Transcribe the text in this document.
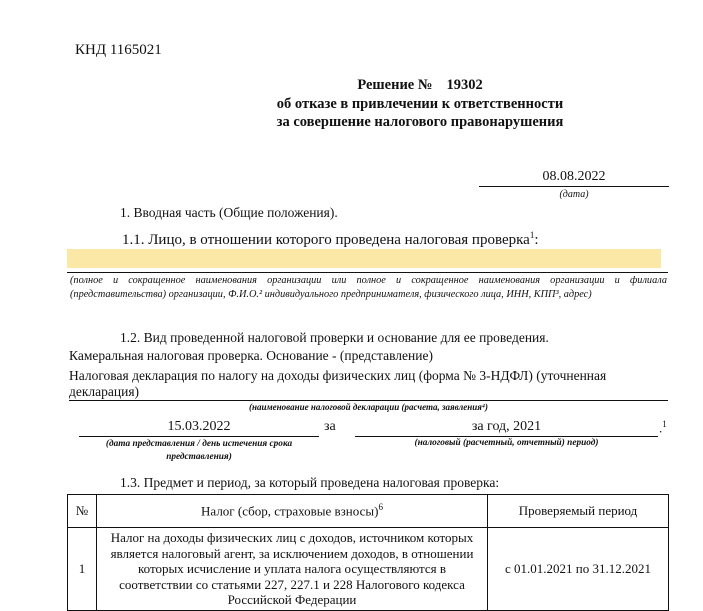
КНД 1165021
Решение № 19302
об отказе в привлечении к ответственности
за совершение налогового правонарушения
08.08.2022
(дата)
1. Вводная часть (Общие положения).
1.1. Лицо, в отношении которого проведена налоговая проверка$^1$:
(полное и сокращенное наименования организации или полное и сокращенное наименования организации и филиала (представительства) организации, Ф.И.О.² индивидуального предпринимателя, физического лица, ИНН, КПП³, адрес)
1.2. Вид проведенной налоговой проверки и основание для ее проведения.
Камеральная налоговая проверка. Основание - (представление)
Налоговая декларация по налогу на доходы физических лиц (форма № 3-НДФЛ) (уточненная декларация)
(наименование налоговой декларации (расчета, заявления⁴)
15.03.2022	за	за год, 2021	.$^1$
(дата представления / день истечения срока представления)
(налоговый (расчетный, отчетный) период)
1.3. Предмет и период, за который проведена налоговая проверка:
№	Налог (сбор, страховые взносы)$^6$	Проверяемый период
1	Налог на доходы физических лиц с доходов, источником которых является налоговый агент, за исключением доходов, в отношении которых исчисление и уплата налога осуществляются в соответствии со статьями 227, 227.1 и 228 Налогового кодекса Российской Федерации	с 01.01.2021 по 31.12.2021
